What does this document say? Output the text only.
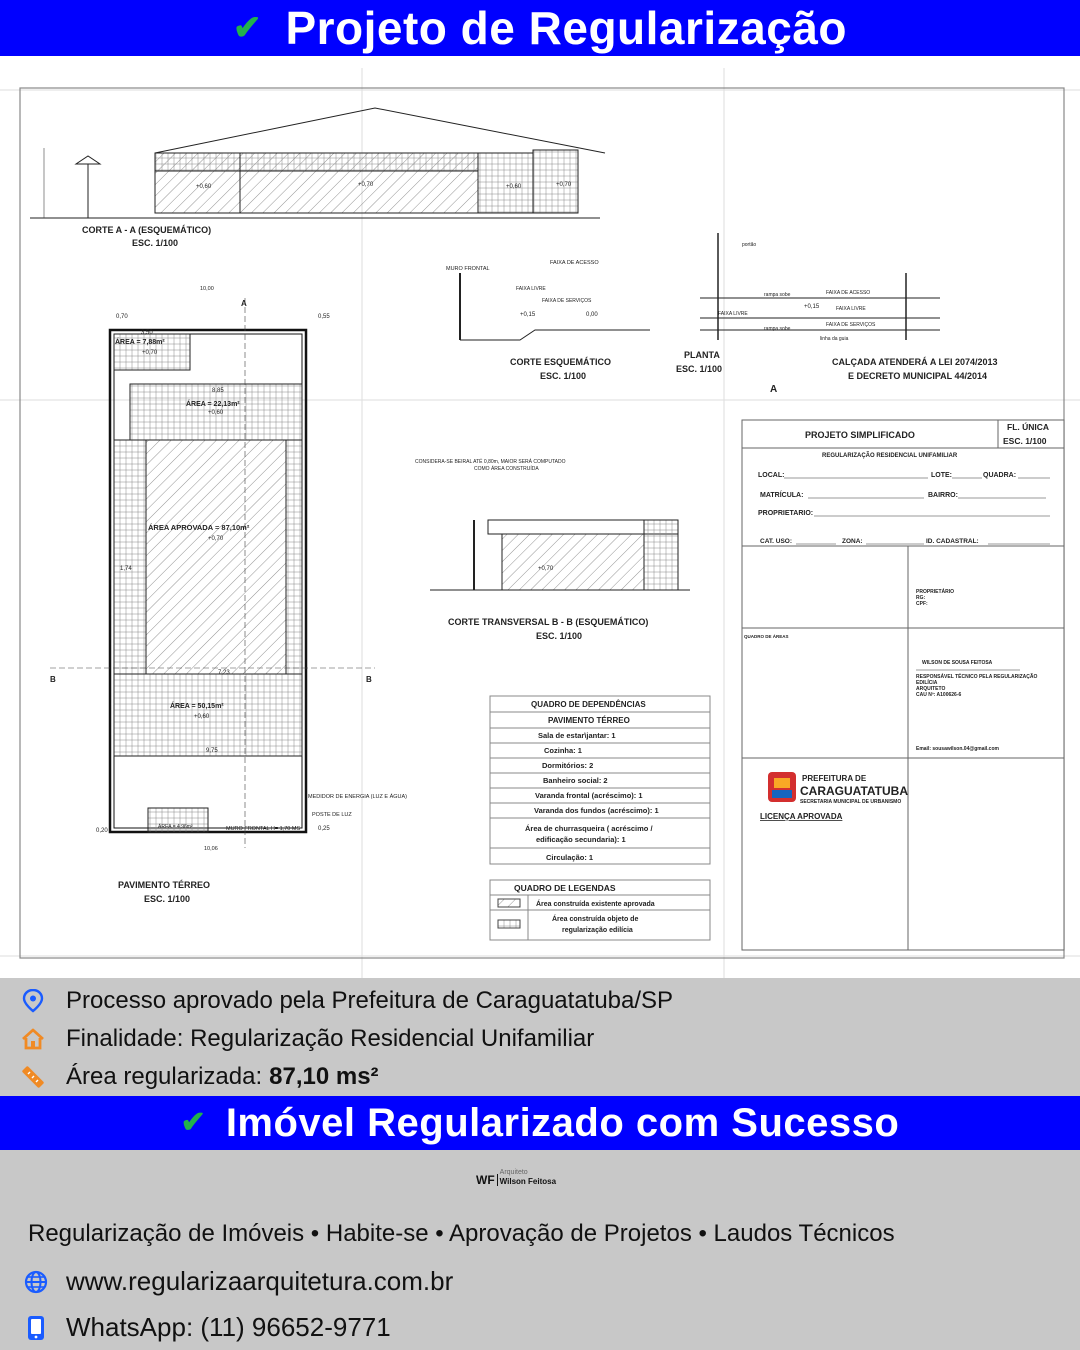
✔ Projeto de Regularização
+0,60	+0,70	+0,60	+0,70
CORTE A - A (ESQUEMÁTICO)
ESC. 1/100
A
B	B
10,00
0,70	0,55
3,50
ÁREA = 7,88m²
+0,70
8,85
ÁREA = 22,13m²
+0,60
ÁREA APROVADA = 87,10m²
+0,70
1,74
7,23
ÁREA = 50,15m²
+0,60
9,75
ÁREA = 4,96m²
0,20	0,25
10,06
MEDIDOR DE ENERGIA (LUZ E ÁGUA)
POSTE DE LUZ
MURO FRONTAL H= 1,70 MS
PAVIMENTO TÉRREO
ESC. 1/100
MURO FRONTAL
FAIXA DE ACESSO
FAIXA LIVRE
FAIXA DE SERVIÇOS
+0,15	0,00
CORTE ESQUEMÁTICO
ESC. 1/100
portão
rampa sobe	FAIXA DE ACESSO
FAIXA LIVRE
FAIXA LIVRE
FAIXA DE SERVIÇOS
+0,15
rampa sobe
linha da guia
PLANTA
ESC. 1/100
A
CALÇADA ATENDERÁ A LEI 2074/2013
E DECRETO MUNICIPAL 44/2014
CONSIDERA-SE BEIRAL ATÉ 0,80m, MAIOR SERÁ COMPUTADO
COMO ÁREA CONSTRUÍDA
+0,70
CORTE TRANSVERSAL B - B (ESQUEMÁTICO)
ESC. 1/100
QUADRO DE DEPENDÊNCIAS
PAVIMENTO TÉRREO
Sala de estar\jantar: 1
Cozinha: 1
Dormitórios: 2
Banheiro social: 2
Varanda frontal (acréscimo): 1
Varanda dos fundos (acréscimo): 1
Área de churrasqueira ( acréscimo /
edificação secundaria): 1
Circulação: 1
QUADRO DE LEGENDAS
Área construída existente aprovada
Área construída objeto de
regularização edilícia
PROJETO SIMPLIFICADO
FL. ÚNICA
ESC. 1/100
REGULARIZAÇÃO RESIDENCIAL UNIFAMILIAR
LOCAL:	LOTE:	QUADRA:
MATRÍCULA:	BAIRRO:
PROPRIETARIO:
CAT. USO:	ZONA:	ID. CADASTRAL:
PROPRIETÁRIO
RG:
CPF:
QUADRO DE ÁREAS
WILSON DE SOUSA FEITOSA
RESPONSÁVEL TÉCNICO PELA REGULARIZAÇÃO
EDILÍCIA
ARQUITETO
CAU Nº: A100626-6
Email: sousawilson.04@gmail.com
PREFEITURA DE
CARAGUATATUBA
SECRETARIA MUNICIPAL DE URBANISMO
LICENÇA APROVADA
Processo aprovado pela Prefeitura de Caraguatatuba/SP
Finalidade: Regularização Residencial Unifamiliar
Área regularizada: 87,10 ms²
✔ Imóvel Regularizado com Sucesso
WF
Arquiteto
Wilson Feitosa
Regularização de Imóveis • Habite-se • Aprovação de Projetos • Laudos Técnicos
www.regularizaarquitetura.com.br
WhatsApp: (11) 96652-9771
